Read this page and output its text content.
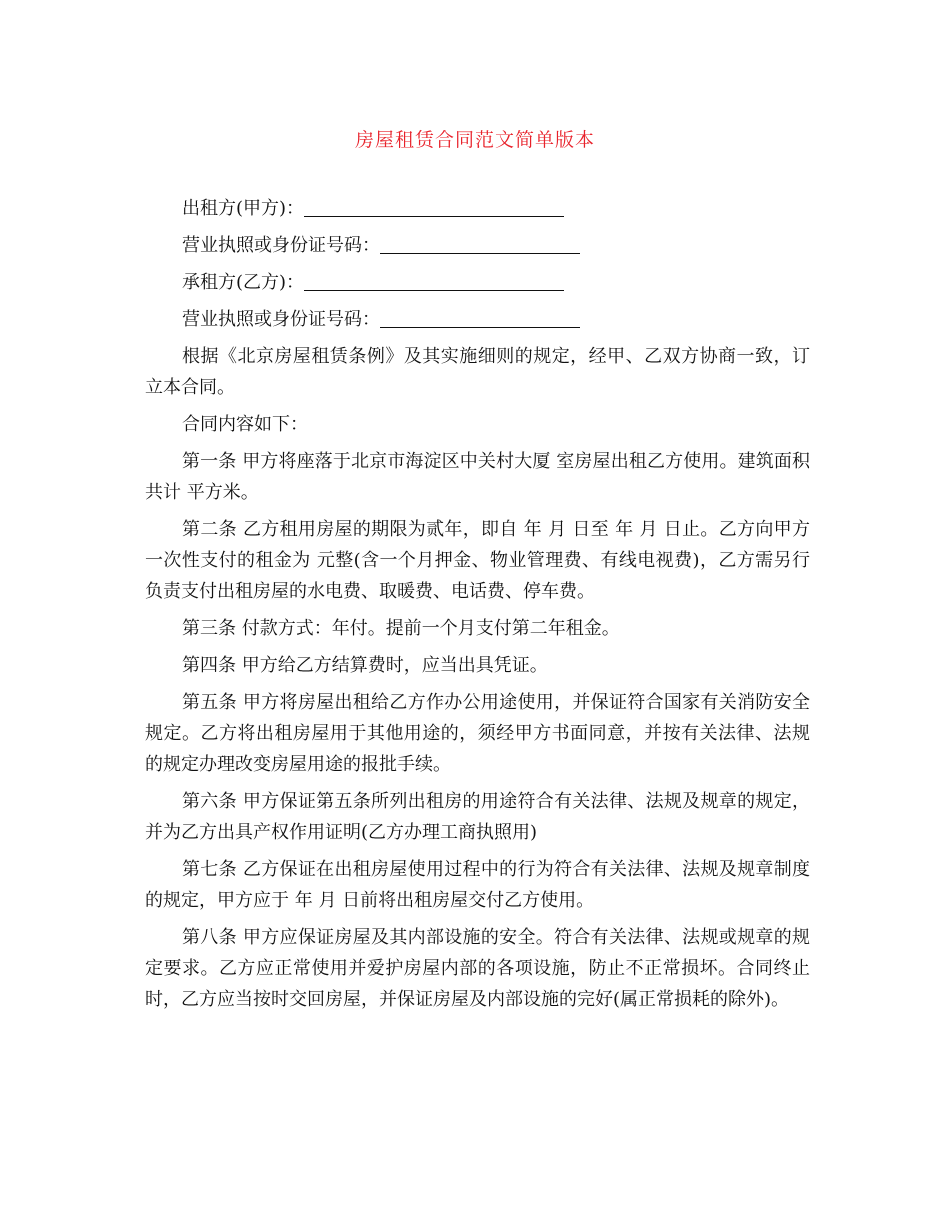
房屋租赁合同范文简单版本

出租方(甲方)：

营业执照或身份证号码：

承租方(乙方)：

营业执照或身份证号码：

根据《北京房屋租赁条例》及其实施细则的规定，经甲、乙双方协商一致，订立本合同。

合同内容如下：

第一条 甲方将座落于北京市海淀区中关村大厦 室房屋出租乙方使用。建筑面积共计 平方米。

第二条 乙方租用房屋的期限为贰年，即自 年 月 日至 年 月 日止。乙方向甲方一次性支付的租金为 元整(含一个月押金、物业管理费、有线电视费)，乙方需另行负责支付出租房屋的水电费、取暖费、电话费、停车费。

第三条 付款方式：年付。提前一个月支付第二年租金。

第四条 甲方给乙方结算费时，应当出具凭证。

第五条 甲方将房屋出租给乙方作办公用途使用，并保证符合国家有关消防安全规定。乙方将出租房屋用于其他用途的，须经甲方书面同意，并按有关法律、法规的规定办理改变房屋用途的报批手续。

第六条 甲方保证第五条所列出租房的用途符合有关法律、法规及规章的规定，并为乙方出具产权作用证明(乙方办理工商执照用)

第七条 乙方保证在出租房屋使用过程中的行为符合有关法律、法规及规章制度的规定，甲方应于 年 月 日前将出租房屋交付乙方使用。

第八条 甲方应保证房屋及其内部设施的安全。符合有关法律、法规或规章的规定要求。乙方应正常使用并爱护房屋内部的各项设施，防止不正常损坏。合同终止时，乙方应当按时交回房屋，并保证房屋及内部设施的完好(属正常损耗的除外)。
